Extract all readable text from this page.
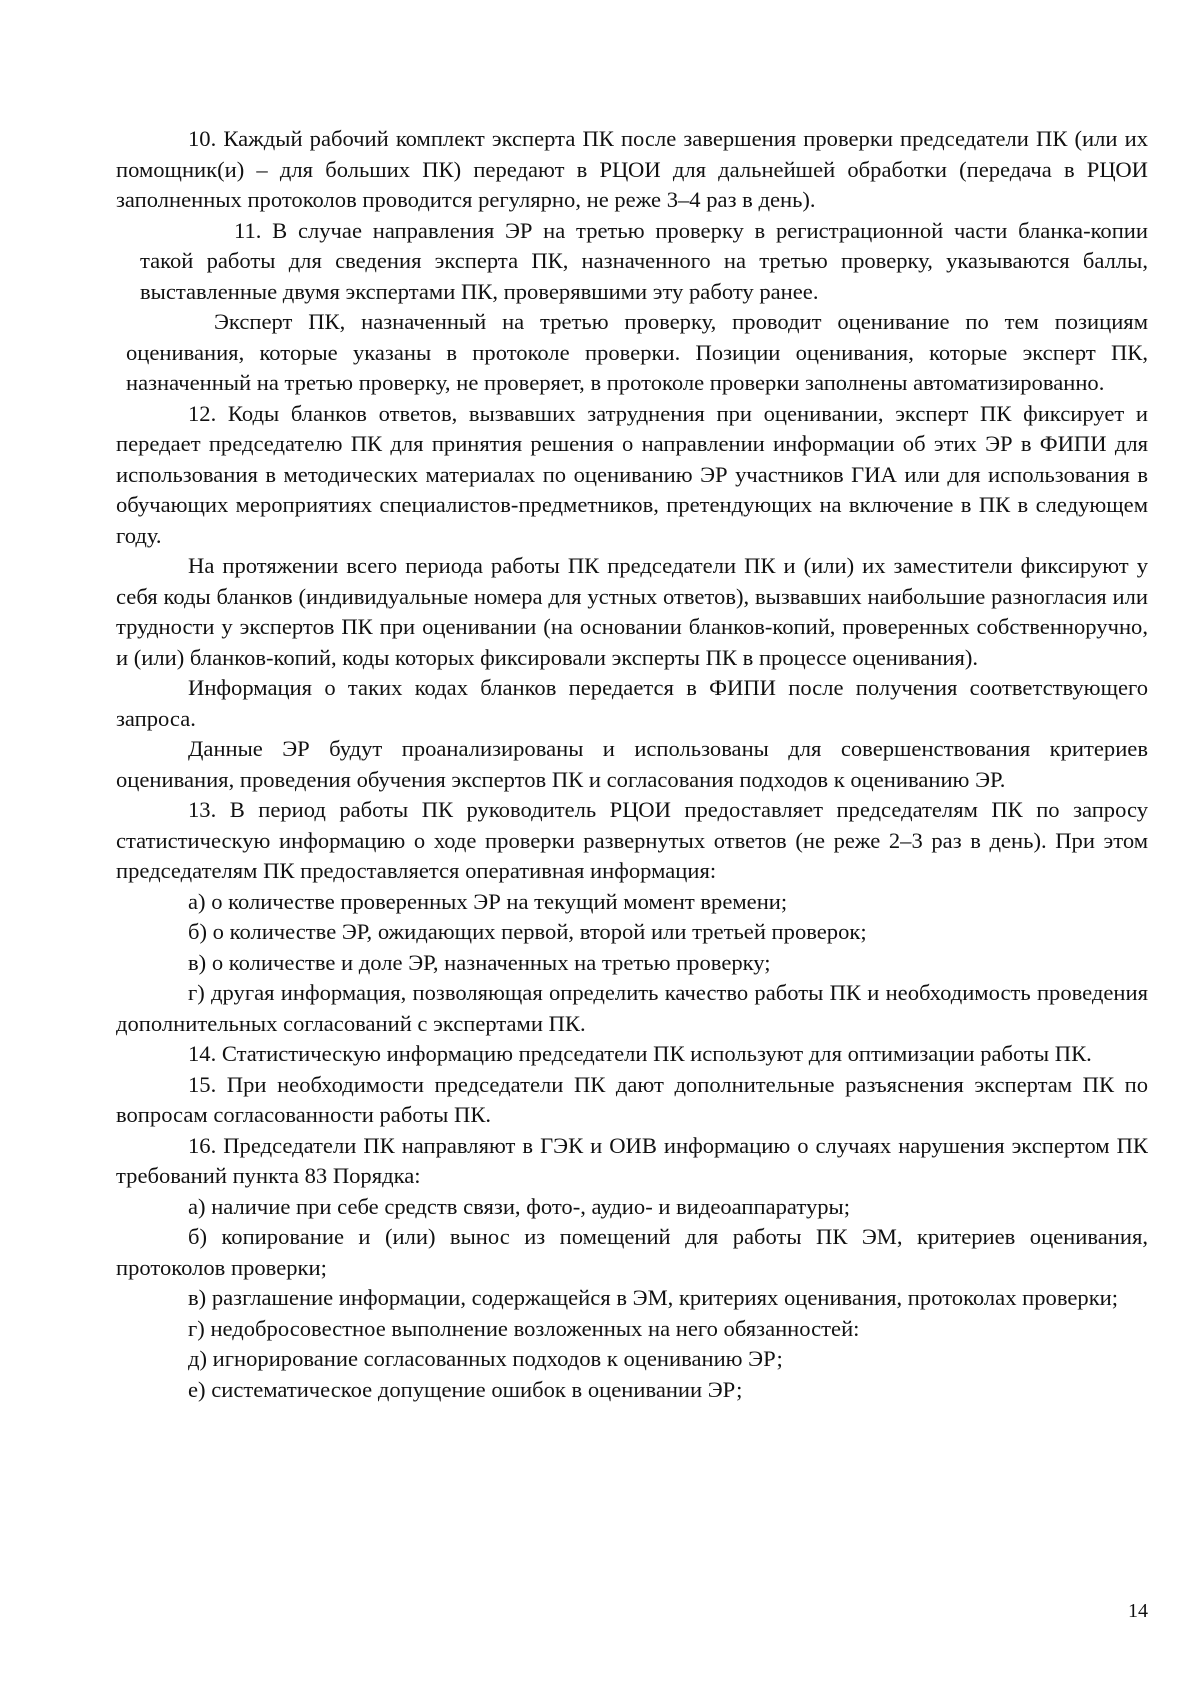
10. Каждый рабочий комплект эксперта ПК после завершения проверки председатели ПК (или их помощник(и) – для больших ПК) передают в РЦОИ для дальнейшей обработки (передача в РЦОИ заполненных протоколов проводится регулярно, не реже 3–4 раз в день).

11. В случае направления ЭР на третью проверку в регистрационной части бланка-копии такой работы для сведения эксперта ПК, назначенного на третью проверку, указываются баллы, выставленные двумя экспертами ПК, проверявшими эту работу ранее.

Эксперт ПК, назначенный на третью проверку, проводит оценивание по тем позициям оценивания, которые указаны в протоколе проверки. Позиции оценивания, которые эксперт ПК, назначенный на третью проверку, не проверяет, в протоколе проверки заполнены автоматизированно.

12. Коды бланков ответов, вызвавших затруднения при оценивании, эксперт ПК фиксирует и передает председателю ПК для принятия решения о направлении информации об этих ЭР в ФИПИ для использования в методических материалах по оцениванию ЭР участников ГИА или для использования в обучающих мероприятиях специалистов-предметников, претендующих на включение в ПК в следующем году.

На протяжении всего периода работы ПК председатели ПК и (или) их заместители фиксируют у себя коды бланков (индивидуальные номера для устных ответов), вызвавших наибольшие разногласия или трудности у экспертов ПК при оценивании (на основании бланков-копий, проверенных собственноручно, и (или) бланков-копий, коды которых фиксировали эксперты ПК в процессе оценивания).

Информация о таких кодах бланков передается в ФИПИ после получения соответствующего запроса.

Данные ЭР будут проанализированы и использованы для совершенствования критериев оценивания, проведения обучения экспертов ПК и согласования подходов к оцениванию ЭР.

13. В период работы ПК руководитель РЦОИ предоставляет председателям ПК по запросу статистическую информацию о ходе проверки развернутых ответов (не реже 2–3 раз в день). При этом председателям ПК предоставляется оперативная информация:

а) о количестве проверенных ЭР на текущий момент времени;

б) о количестве ЭР, ожидающих первой, второй или третьей проверок;

в) о количестве и доле ЭР, назначенных на третью проверку;

г) другая информация, позволяющая определить качество работы ПК и необходимость проведения дополнительных согласований с экспертами ПК.

14. Статистическую информацию председатели ПК используют для оптимизации работы ПК.

15. При необходимости председатели ПК дают дополнительные разъяснения экспертам ПК по вопросам согласованности работы ПК.

16. Председатели ПК направляют в ГЭК и ОИВ информацию о случаях нарушения экспертом ПК требований пункта 83 Порядка:

а) наличие при себе средств связи, фото-, аудио- и видеоаппаратуры;

б) копирование и (или) вынос из помещений для работы ПК ЭМ, критериев оценивания, протоколов проверки;

в) разглашение информации, содержащейся в ЭМ, критериях оценивания, протоколах проверки;

г) недобросовестное выполнение возложенных на него обязанностей:

д) игнорирование согласованных подходов к оцениванию ЭР;

е) систематическое допущение ошибок в оценивании ЭР;

14
